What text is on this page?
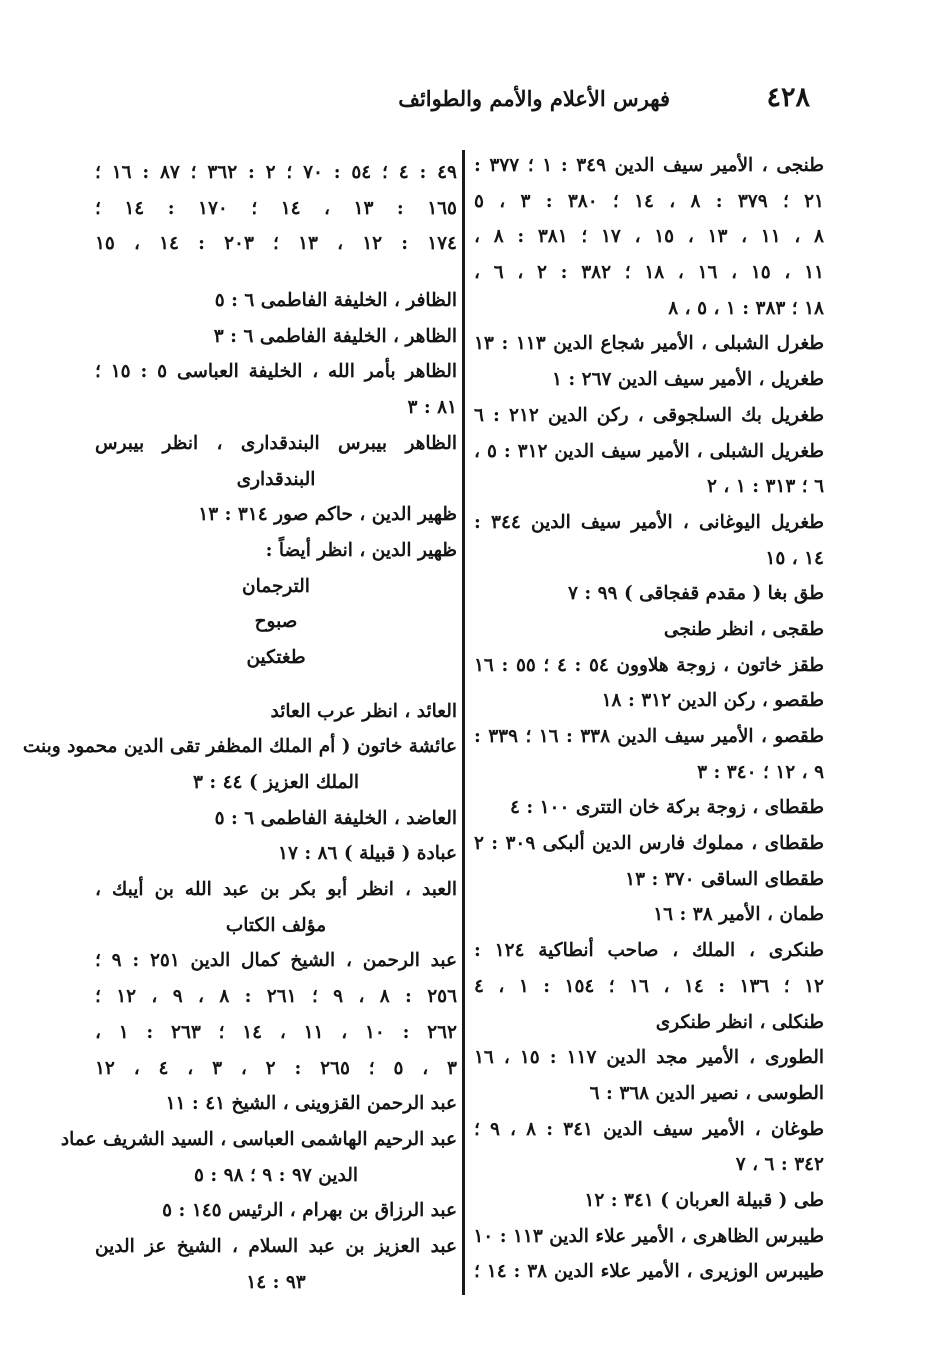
٤٢٨
فهرس الأعلام والأمم والطوائف
طنجى ، الأمير سيف الدين ٣٤٩ : ١ ؛ ٣٧٧ :
٢١ ؛ ٣٧٩ : ٨ ، ١٤ ؛ ٣٨٠ : ٣ ، ٥
٨ ، ١١ ، ١٣ ، ١٥ ، ١٧ ؛ ٣٨١ : ٨ ،
١١ ، ١٥ ، ١٦ ، ١٨ ؛ ٣٨٢ : ٢ ، ٦ ،
١٨ ؛ ٣٨٣ : ١ ، ٥ ، ٨
طغرل الشبلى ، الأمير شجاع الدين ١١٣ : ١٣
طغريل ، الأمير سيف الدين ٢٦٧ : ١
طغريل بك السلجوقى ، ركن الدين ٢١٢ : ٦
طغريل الشبلى ، الأمير سيف الدين ٣١٢ : ٥ ،
٦ ؛ ٣١٣ : ١ ، ٢
طغريل اليوغانى ، الأمير سيف الدين ٣٤٤ :
١٤ ، ١٥
طق بغا ( مقدم قفجاقى ) ٩٩ : ٧
طقجى ، انظر طنجى
طقز خاتون ، زوجة هلاوون ٥٤ : ٤ ؛ ٥٥ : ١٦
طقصو ، ركن الدين ٣١٢ : ١٨
طقصو ، الأمير سيف الدين ٣٣٨ : ١٦ ؛ ٣٣٩ :
٩ ، ١٢ ؛ ٣٤٠ : ٣
طقطاى ، زوجة بركة خان التترى ١٠٠ : ٤
طقطاى ، مملوك فارس الدين ألبكى ٣٠٩ : ٢
طقطاى الساقى ٣٧٠ : ١٣
طمان ، الأمير ٣٨ : ١٦
طنكرى ، الملك ، صاحب أنطاكية ١٢٤ :
١٢ ؛ ١٣٦ : ١٤ ، ١٦ ؛ ١٥٤ : ١ ، ٤
طنكلى ، انظر طنكرى
الطورى ، الأمير مجد الدين ١١٧ : ١٥ ، ١٦
الطوسى ، نصير الدين ٣٦٨ : ٦
طوغان ، الأمير سيف الدين ٣٤١ : ٨ ، ٩ ؛
٣٤٢ : ٦ ، ٧
طى ( قبيلة العربان ) ٣٤١ : ١٢
طيبرس الظاهرى ، الأمير علاء الدين ١١٣ : ١٠
طيبرس الوزيرى ، الأمير علاء الدين ٣٨ : ١٤ ؛
٤٩ : ٤ ؛ ٥٤ : ٧٠ ؛ ٢ : ٣٦٢ ؛ ٨٧ : ١٦ ؛
١٦٥ : ١٣ ، ١٤ ؛ ١٧٠ : ١٤ ؛
١٧٤ : ١٢ ، ١٣ ؛ ٢٠٣ : ١٤ ، ١٥
الظافر ، الخليفة الفاطمى ٦ : ٥
الظاهر ، الخليفة الفاطمى ٦ : ٣
الظاهر بأمر الله ، الخليفة العباسى ٥ : ١٥ ؛
٨١ : ٣
الظاهر بيبرس البندقدارى ، انظر بيبرس
البندقدارى
ظهير الدين ، حاكم صور ٣١٤ : ١٣
ظهير الدين ، انظر أيضاً :
الترجمان
صبوح
طغتكين
العائد ، انظر عرب العائد
عائشة خاتون ( أم الملك المظفر تقى الدين محمود وبنت
الملك العزيز ) ٤٤ : ٣
العاضد ، الخليفة الفاطمى ٦ : ٥
عبادة ( قبيلة ) ٨٦ : ١٧
العبد ، انظر أبو بكر بن عبد الله بن أيبك ،
مؤلف الكتاب
عبد الرحمن ، الشيخ كمال الدين ٢٥١ : ٩ ؛
٢٥٦ : ٨ ، ٩ ؛ ٢٦١ : ٨ ، ٩ ، ١٢ ؛
٢٦٢ : ١٠ ، ١١ ، ١٤ ؛ ٢٦٣ : ١ ،
٣ ، ٥ ؛ ٢٦٥ : ٢ ، ٣ ، ٤ ، ١٢
عبد الرحمن القزوينى ، الشيخ ٤١ : ١١
عبد الرحيم الهاشمى العباسى ، السيد الشريف عماد
الدين ٩٧ : ٩ ؛ ٩٨ : ٥
عبد الرزاق بن بهرام ، الرئيس ١٤٥ : ٥
عبد العزيز بن عبد السلام ، الشيخ عز الدين
٩٣ : ١٤
